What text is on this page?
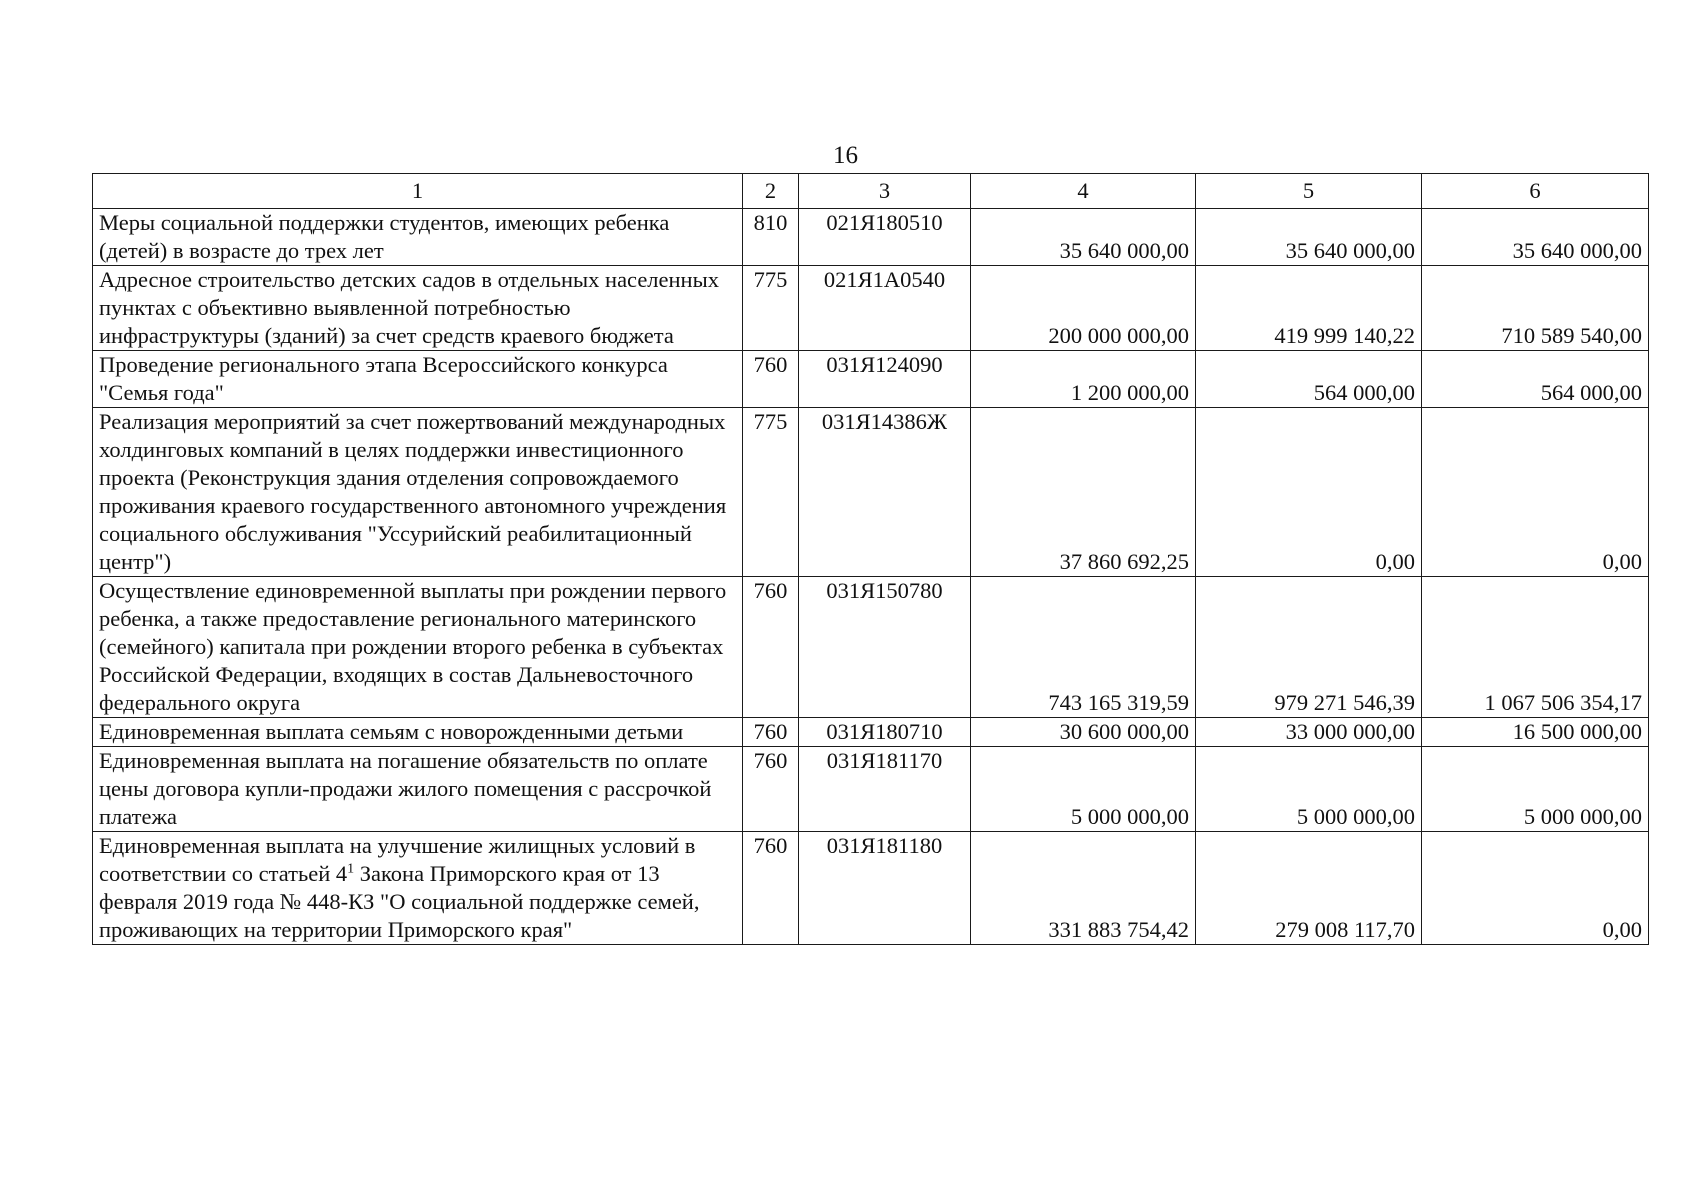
16
1	2	3	4	5	6
Меры социальной поддержки студентов, имеющих ребенка (детей) в возрасте до трех лет	810	021Я180510	35 640 000,00	35 640 000,00	35 640 000,00
Адресное строительство детских садов в отдельных населенных пунктах с объективно выявленной потребностью инфраструктуры (зданий) за счет средств краевого бюджета	775	021Я1А0540	200 000 000,00	419 999 140,22	710 589 540,00
Проведение регионального этапа Всероссийского конкурса "Семья года"	760	031Я124090	1 200 000,00	564 000,00	564 000,00
Реализация мероприятий за счет пожертвований международных холдинговых компаний в целях поддержки инвестиционного проекта (Реконструкция здания отделения сопровождаемого проживания краевого государственного автономного учреждения социального обслуживания "Уссурийский реабилитационный центр")	775	031Я14386Ж	37 860 692,25	0,00	0,00
Осуществление единовременной выплаты при рождении первого ребенка, а также предоставление регионального материнского (семейного) капитала при рождении второго ребенка в субъектах Российской Федерации, входящих в состав Дальневосточного федерального округа	760	031Я150780	743 165 319,59	979 271 546,39	1 067 506 354,17
Единовременная выплата семьям с новорожденными детьми	760	031Я180710	30 600 000,00	33 000 000,00	16 500 000,00
Единовременная выплата на погашение обязательств по оплате цены договора купли-продажи жилого помещения с рассрочкой платежа	760	031Я181170	5 000 000,00	5 000 000,00	5 000 000,00
Единовременная выплата на улучшение жилищных условий в соответствии со статьей $4^1$ Закона Приморского края от 13 февраля 2019 года № 448-КЗ "О социальной поддержке семей, проживающих на территории Приморского края"	760	031Я181180	331 883 754,42	279 008 117,70	0,00
